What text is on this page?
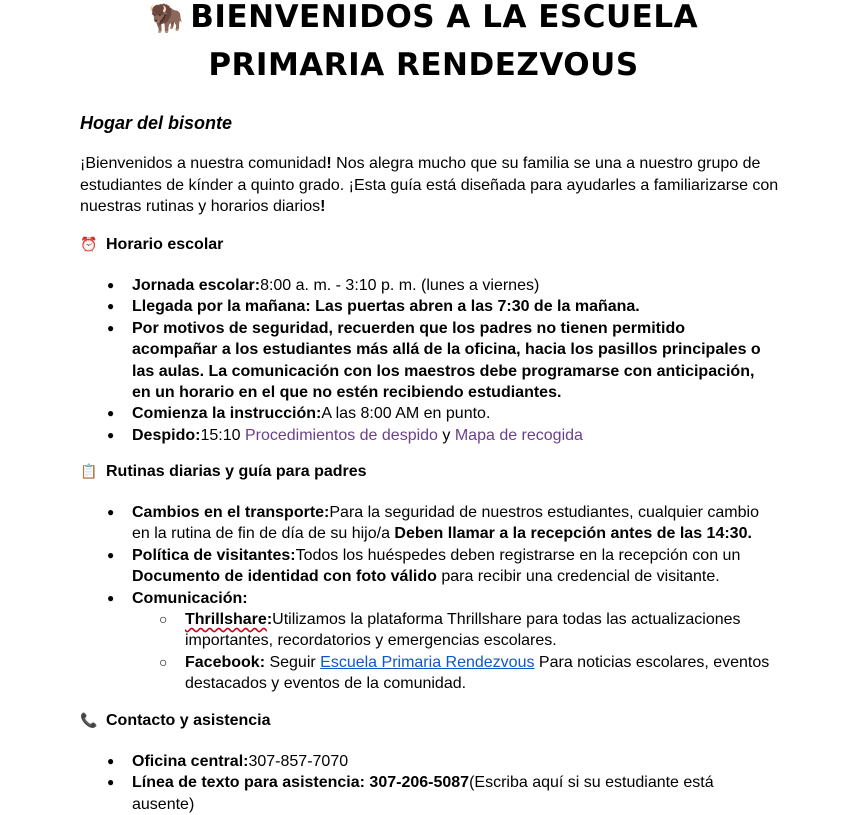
🦬 BIENVENIDOS A LA ESCUELA
PRIMARIA RENDEZVOUS
Hogar del bisonte
¡Bienvenidos a nuestra comunidad! Nos alegra mucho que su familia se una a nuestro grupo de estudiantes de kínder a quinto grado. ¡Esta guía está diseñada para ayudarles a familiarizarse con nuestras rutinas y horarios diarios!
⏰ Horario escolar
● Jornada escolar:8:00 a. m. - 3:10 p. m. (lunes a viernes)
● Llegada por la mañana: Las puertas abren a las 7:30 de la mañana.
● Por motivos de seguridad, recuerden que los padres no tienen permitido acompañar a los estudiantes más allá de la oficina, hacia los pasillos principales o las aulas. La comunicación con los maestros debe programarse con anticipación, en un horario en el que no estén recibiendo estudiantes.
● Comienza la instrucción:A las 8:00 AM en punto.
● Despido:15:10 Procedimientos de despido y Mapa de recogida
📋 Rutinas diarias y guía para padres
● Cambios en el transporte:Para la seguridad de nuestros estudiantes, cualquier cambio en la rutina de fin de día de su hijo/a Deben llamar a la recepción antes de las 14:30.
● Política de visitantes:Todos los huéspedes deben registrarse en la recepción con un Documento de identidad con foto válido para recibir una credencial de visitante.
● Comunicación:
○ Thrillshare:Utilizamos la plataforma Thrillshare para todas las actualizaciones importantes, recordatorios y emergencias escolares.
○ Facebook: Seguir Escuela Primaria Rendezvous Para noticias escolares, eventos destacados y eventos de la comunidad.
📞 Contacto y asistencia
● Oficina central:307-857-7070
● Línea de texto para asistencia: 307-206-5087(Escriba aquí si su estudiante está ausente)
